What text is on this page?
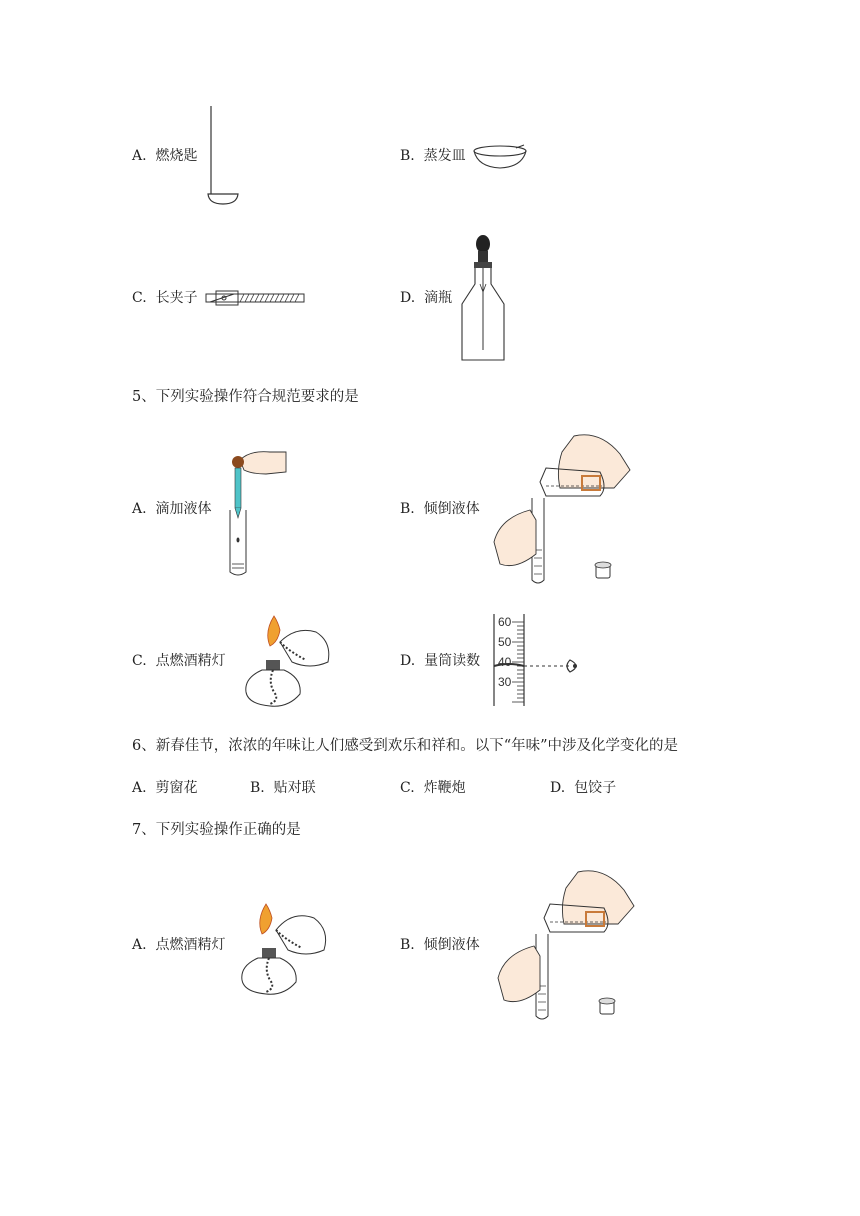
A. 燃烧匙	B. 蒸发皿
C. 长夹子	D. 滴瓶
5、下列实验操作符合规范要求的是
A. 滴加液体	B. 倾倒液体
C. 点燃酒精灯	D. 量筒读数
60
50
40
30
6、新春佳节，浓浓的年味让人们感受到欢乐和祥和。以下“年味”中涉及化学变化的是
A. 剪窗花	B. 贴对联	C. 炸鞭炮	D. 包饺子
7、下列实验操作正确的是
A. 点燃酒精灯	B. 倾倒液体
